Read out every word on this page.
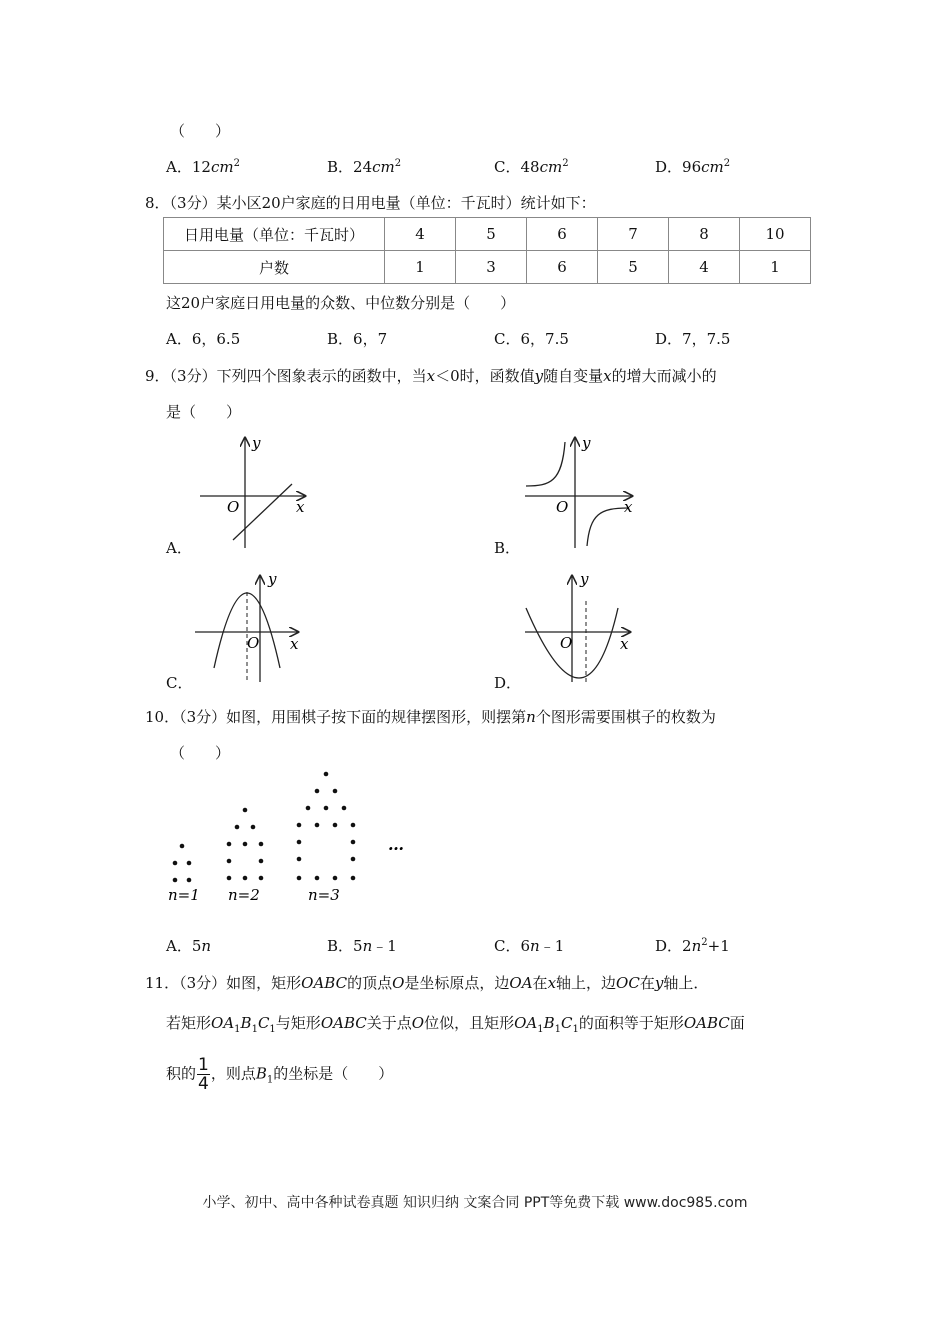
（　　）
A．$12cm^2$	B．$24cm^2$	C．$48cm^2$	D．$96cm^2$
8．（3分）某小区20户家庭的日用电量（单位：千瓦时）统计如下：
日用电量（单位：千瓦时）	4	5	6	7	8	10
户数	1	3	6	5	4	1
这20户家庭日用电量的众数、中位数分别是（　　）
A．6，6.5	B．6，7	C．6，7.5	D．7，7.5
9．（3分）下列四个图象表示的函数中，当x＜0时，函数值y随自变量x的增大而减小的
是（　　）
y
x
O
A．
y
x
O
B．
y
x
O
C．
y
x
O
D．
10．（3分）如图，用围棋子按下面的规律摆图形，则摆第n个图形需要围棋子的枚数为
（　　）
n=1 n=2	n=3
…
A．5n	B．5n﹣1	C．6n﹣1	D．$2n^2+1$
11．（3分）如图，矩形OABC的顶点O是坐标原点，边OA在x轴上，边OC在y轴上．
若矩形$OA_1B_1C_1$与矩形OABC关于点O位似，且矩形$OA_1B_1C_1$的面积等于矩形OABC面
积的 $\frac{1}{4}$ ，则点$B_1$的坐标是（　　）
小学、初中、高中各种试卷真题 知识归纳 文案合同 PPT等免费下载 www.doc985.com
